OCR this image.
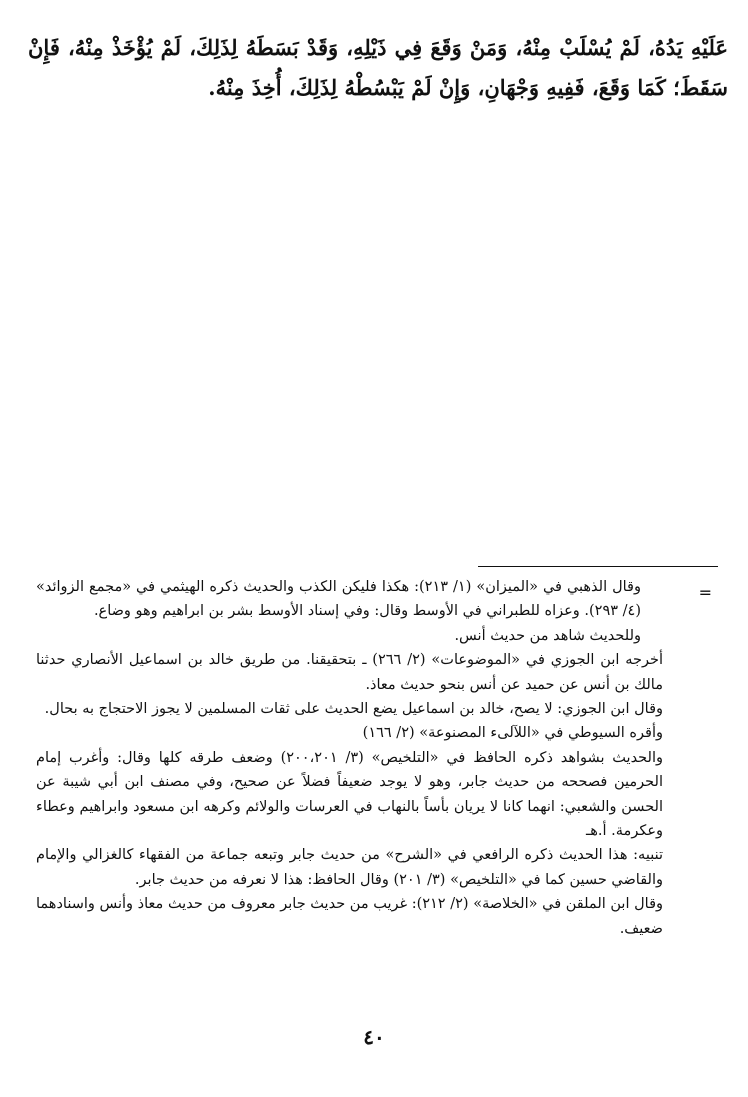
عَلَيْهِ يَدُهُ، لَمْ يُسْلَبْ مِنْهُ، وَمَنْ وَقَعَ فِي ذَيْلِهِ، وَقَدْ بَسَطَهُ لِذَلِكَ، لَمْ يُؤْخَذْ مِنْهُ، فَإِنْ سَقَطَ؛ كَمَا وَقَعَ، فَفِيهِ وَجْهَانِ، وَإِنْ لَمْ يَبْسُطْهُ لِذَلِكَ، أُخِذَ مِنْهُ.

=

وقال الذهبي في «الميزان» (١/ ٢١٣): هكذا فليكن الكذب والحديث ذكره الهيثمي في «مجمع الزوائد» (٤/ ٢٩٣). وعزاه للطبراني في الأوسط وقال: وفي إسناد الأوسط بشر بن ابراهيم وهو وضاع.

وللحديث شاهد من حديث أنس.

أخرجه ابن الجوزي في «الموضوعات» (٢/ ٢٦٦) ـ بتحقيقنا. من طريق خالد بن اسماعيل الأنصاري حدثنا مالك بن أنس عن حميد عن أنس بنحو حديث معاذ.

وقال ابن الجوزي: لا يصح، خالد بن اسماعيل يضع الحديث على ثقات المسلمين لا يجوز الاحتجاج به بحال.

وأقره السيوطي في «اللآلىء المصنوعة» (٢/ ١٦٦)

والحديث بشواهد ذكره الحافظ في «التلخيص» (٣/ ٢٠٠،٢٠١) وضعف طرقه كلها وقال: وأغرب إمام الحرمين فصححه من حديث جابر، وهو لا يوجد ضعيفاً فضلاً عن صحيح، وفي مصنف ابن أبي شيبة عن الحسن والشعبي: انهما كانا لا يريان بأساً بالنهاب في العرسات والولائم وكرهه ابن مسعود وابراهيم وعطاء وعكرمة. أ.هـ

تنبيه: هذا الحديث ذكره الرافعي في «الشرح» من حديث جابر وتبعه جماعة من الفقهاء كالغزالي والإمام والقاضي حسين كما في «التلخيص» (٣/ ٢٠١) وقال الحافظ: هذا لا نعرفه من حديث جابر.

وقال ابن الملقن في «الخلاصة» (٢/ ٢١٢): غريب من حديث جابر معروف من حديث معاذ وأنس واسنادهما ضعيف.

٤٠
